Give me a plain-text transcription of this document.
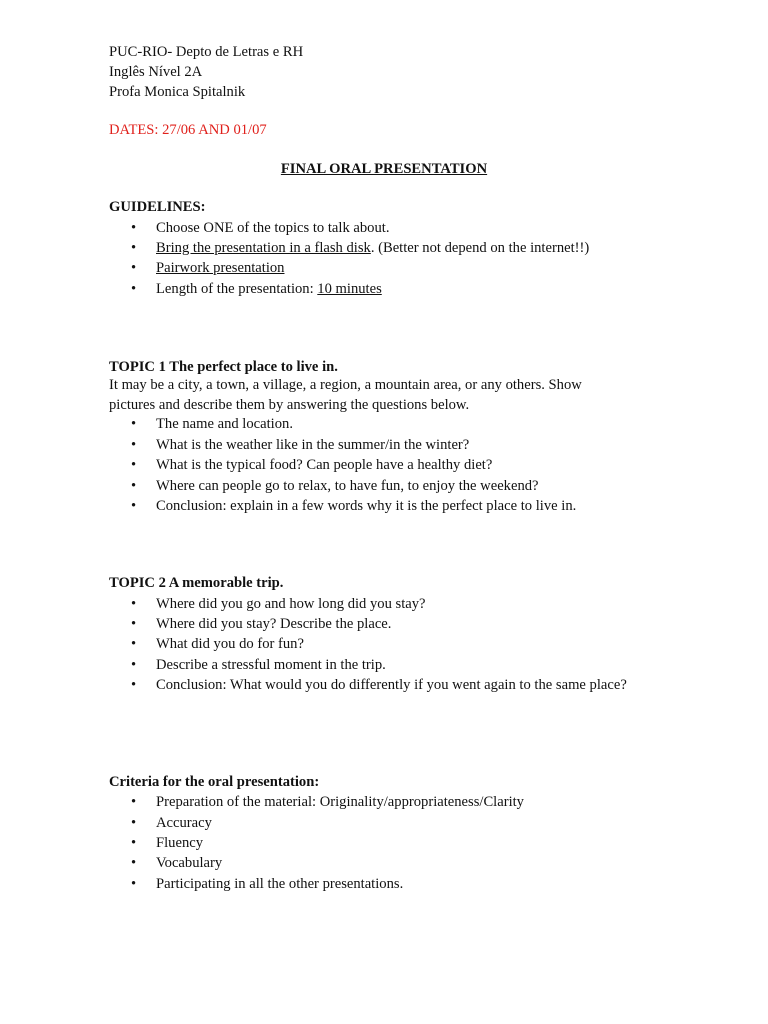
PUC-RIO- Depto de Letras e RH
Inglês Nível 2A
Profa Monica Spitalnik
DATES: 27/06 AND 01/07
FINAL ORAL PRESENTATION
GUIDELINES:
• Choose ONE of the topics to talk about.
• Bring the presentation in a flash disk. (Better not depend on the internet!!)
• Pairwork presentation
• Length of the presentation: 10 minutes
TOPIC 1 The perfect place to live in.
It may be a city, a town, a village, a region, a mountain area, or any others. Show
pictures and describe them by answering the questions below.
• The name and location.
• What is the weather like in the summer/in the winter?
• What is the typical food? Can people have a healthy diet?
• Where can people go to relax, to have fun, to enjoy the weekend?
• Conclusion: explain in a few words why it is the perfect place to live in.
TOPIC 2 A memorable trip.
• Where did you go and how long did you stay?
• Where did you stay? Describe the place.
• What did you do for fun?
• Describe a stressful moment in the trip.
• Conclusion: What would you do differently if you went again to the same place?
Criteria for the oral presentation:
• Preparation of the material: Originality/appropriateness/Clarity
• Accuracy
• Fluency
• Vocabulary
• Participating in all the other presentations.
